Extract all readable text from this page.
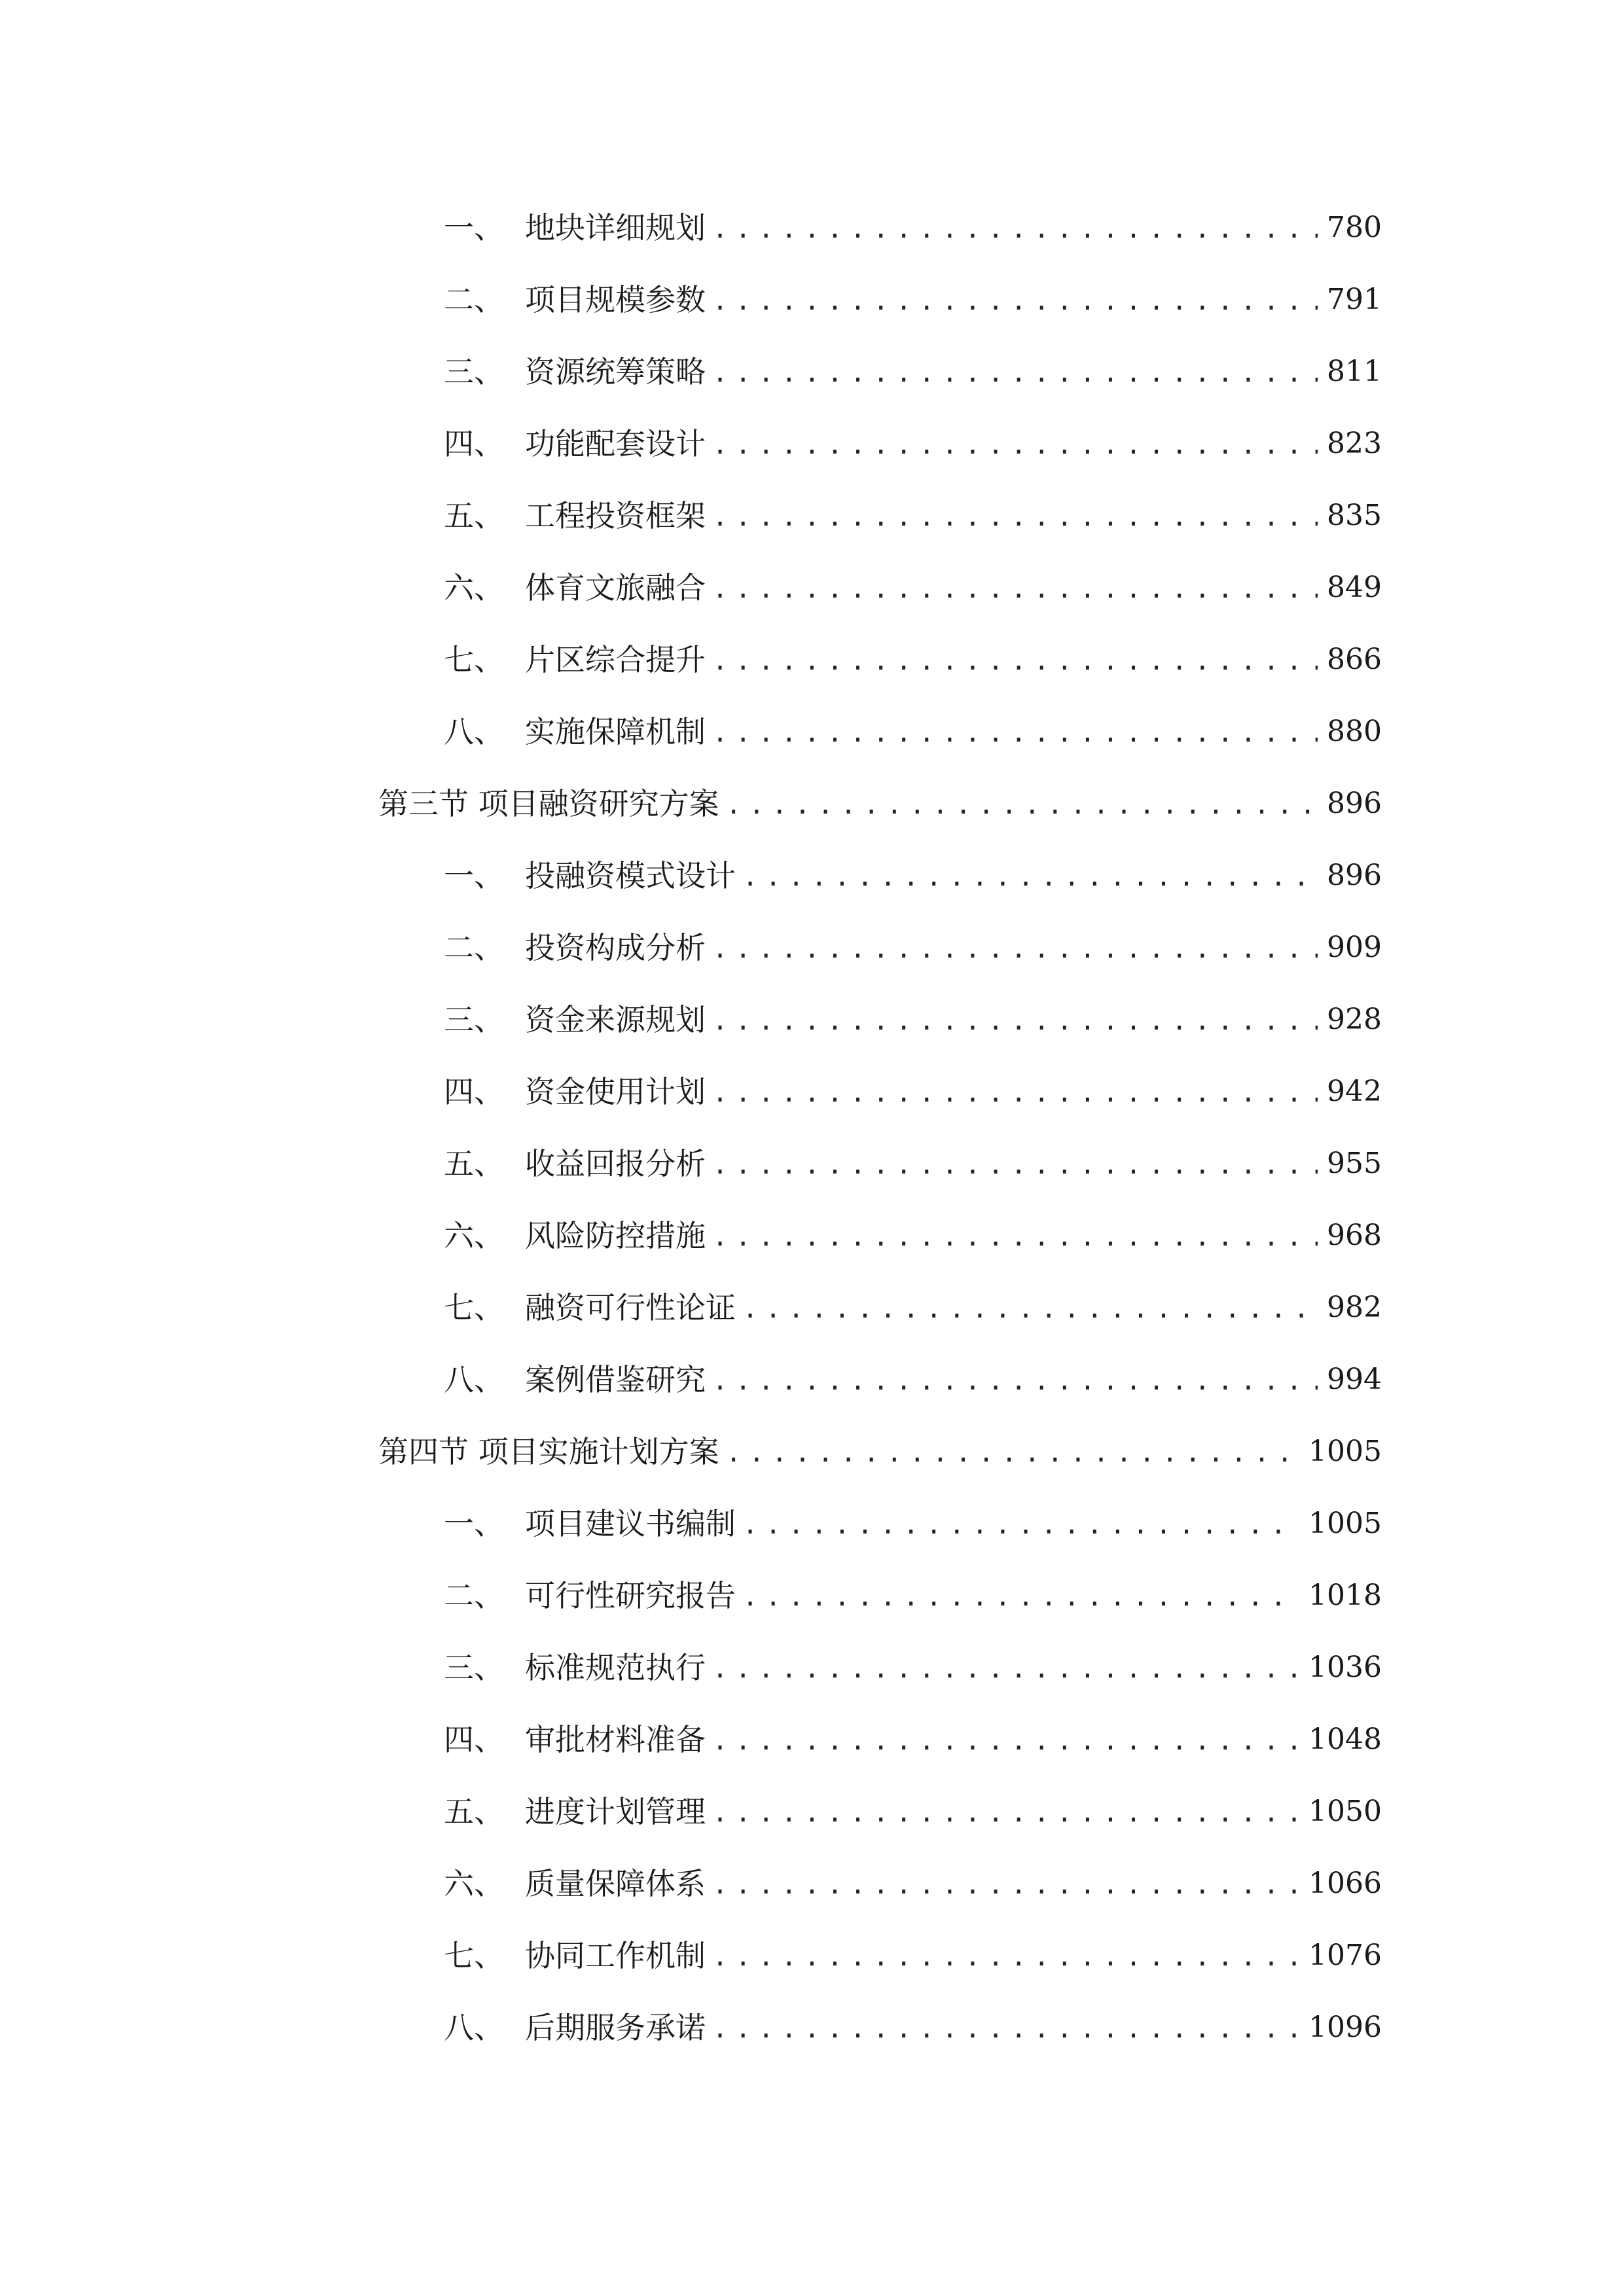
一、 地块详细规划 .....	780
二、 项目规模参数 .....	791
三、 资源统筹策略 .....	811
四、 功能配套设计 .....	823
五、 工程投资框架 .....	835
六、 体育文旅融合 .....	849
七、 片区综合提升 .....	866
八、 实施保障机制 .....	880
第三节 项目融资研究方案 .....	896
一、 投融资模式设计 .....	896
二、 投资构成分析 .....	909
三、 资金来源规划 .....	928
四、 资金使用计划 .....	942
五、 收益回报分析 .....	955
六、 风险防控措施 .....	968
七、 融资可行性论证 .....	982
八、 案例借鉴研究 .....	994
第四节 项目实施计划方案 .....	1005
一、 项目建议书编制 .....	1005
二、 可行性研究报告 .....	1018
三、 标准规范执行 .....	1036
四、 审批材料准备 .....	1048
五、 进度计划管理 .....	1050
六、 质量保障体系 .....	1066
七、 协同工作机制 .....	1076
八、 后期服务承诺 .....	1096
